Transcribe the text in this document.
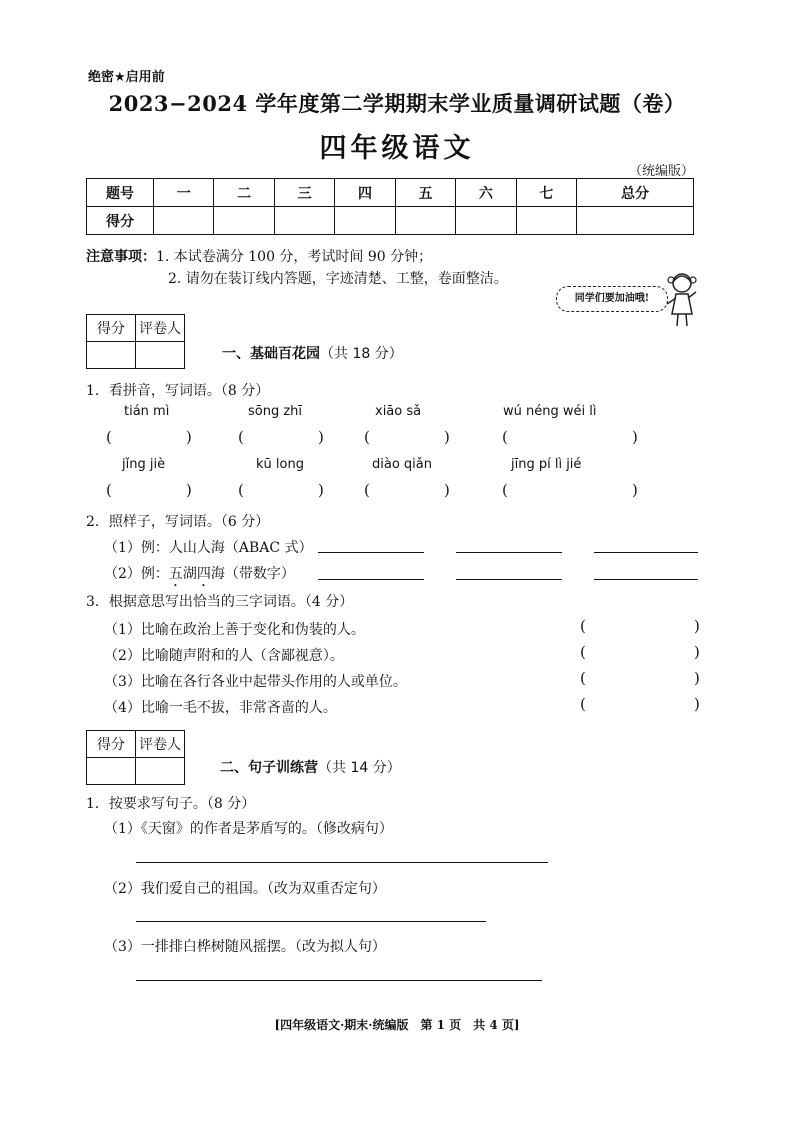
绝密★启用前
2023−2024 学年度第二学期期末学业质量调研试题（卷）
四年级语文
（统编版）
题号	一	二	三	四	五	六	七	总分
得分								
注意事项：1. 本试卷满分 100 分，考试时间 90 分钟；
2. 请勿在装订线内答题，字迹清楚、工整，卷面整洁。
同学们要加油哦!
得分	评卷人

一、基础百花园（共 18 分）
1．看拼音，写词语。（8 分）
tián mì	sōng zhī	xiāo sǎ	wú néng wéi lì
(	)	(	)	(	)	(	)
jǐng jiè	kū long	diào qiǎn	jīng pí lì jié
(	)	(	)	(	)	(	)
2．照样子，写词语。（6 分）
（1）例：人山人海（ABAC 式）
（2）例：五湖四海（带数字）
3．根据意思写出恰当的三字词语。（4 分）
（1）比喻在政治上善于变化和伪装的人。	(	)
（2）比喻随声附和的人（含鄙视意）。	(	)
（3）比喻在各行各业中起带头作用的人或单位。	(	)
（4）比喻一毛不拔，非常吝啬的人。	(	)
得分	评卷人

二、句子训练营（共 14 分）
1．按要求写句子。（8 分）
（1）《天窗》的作者是茅盾写的。（修改病句）
（2）我们爱自己的祖国。（改为双重否定句）
（3）一排排白桦树随风摇摆。（改为拟人句）
[四年级语文·期末·统编版　第 1 页　共 4 页]
